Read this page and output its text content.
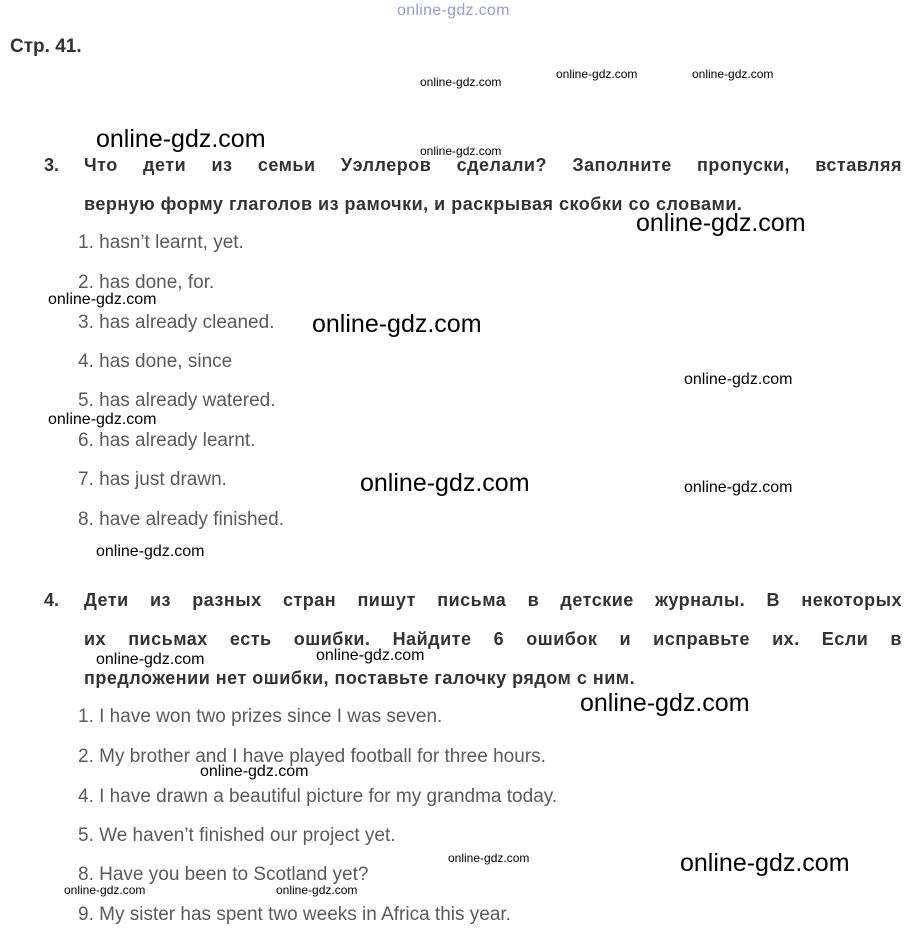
online-gdz.com
Стр. 41.
3. Что дети из семьи Уэллеров сделали? Заполните пропуски, вставляя
верную форму глаголов из рамочки, и раскрывая скобки со словами.
1. hasn’t learnt, yet.
2. has done, for.
3. has already cleaned.
4. has done, since
5. has already watered.
6. has already learnt.
7. has just drawn.
8. have already finished.
4. Дети из разных стран пишут письма в детские журналы. В некоторых
их письмах есть ошибки. Найдите 6 ошибок и исправьте их. Если в
предложении нет ошибки, поставьте галочку рядом с ним.
1. I have won two prizes since I was seven.
2. My brother and I have played football for three hours.
4. I have drawn a beautiful picture for my grandma today.
5. We haven’t finished our project yet.
8. Have you been to Scotland yet?
9. My sister has spent two weeks in Africa this year.
online-gdz.com
online-gdz.com	online-gdz.com
online-gdz.com	online-gdz.com
online-gdz.com
online-gdz.com
online-gdz.com
online-gdz.com
online-gdz.com
online-gdz.com	online-gdz.com
online-gdz.com
online-gdz.com	online-gdz.com
online-gdz.com
online-gdz.com
online-gdz.com	online-gdz.com
online-gdz.com	online-gdz.com
